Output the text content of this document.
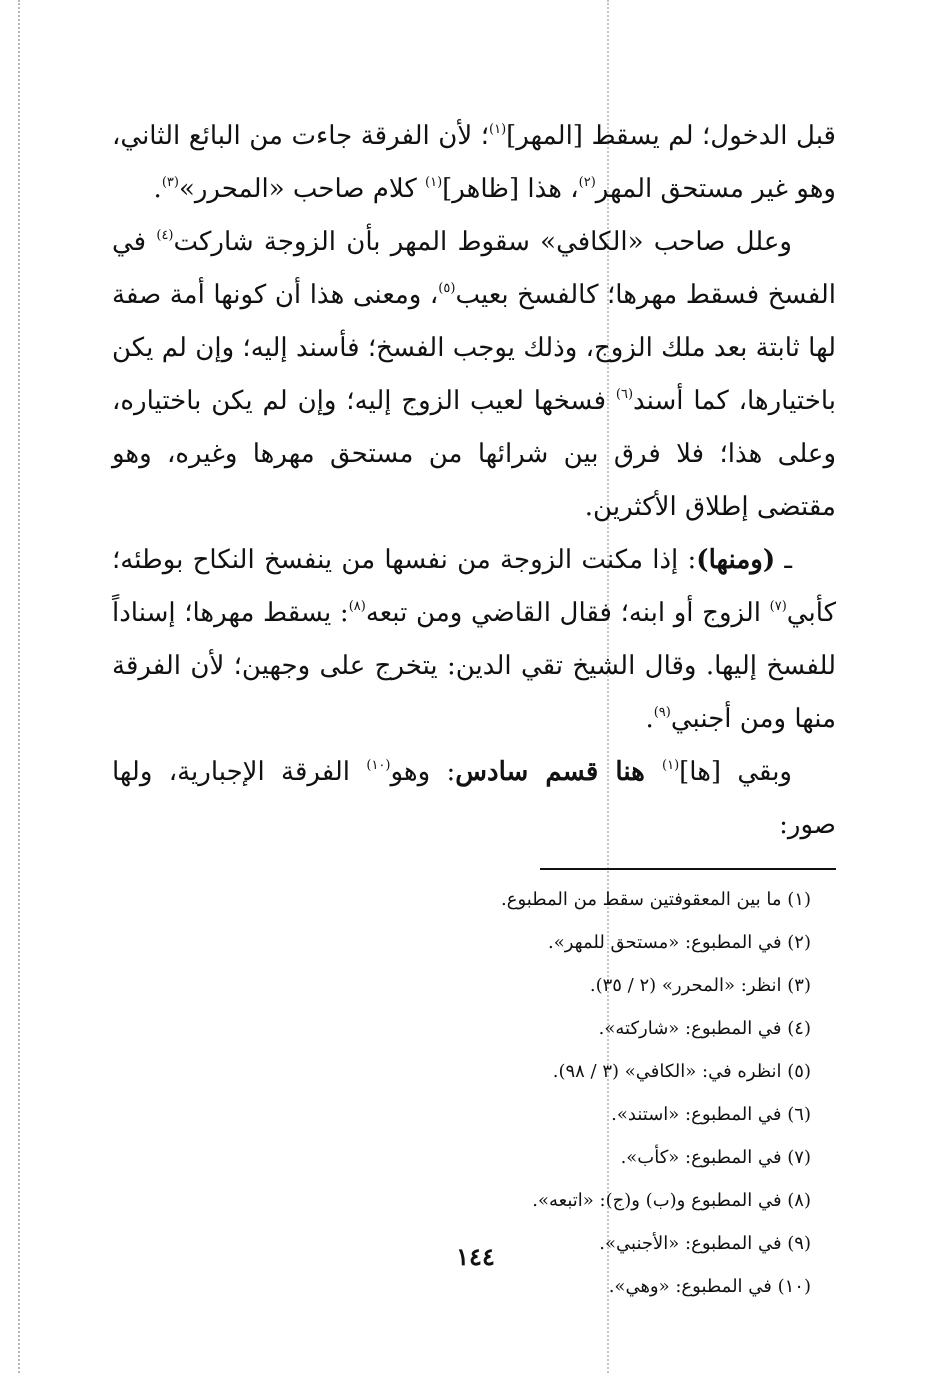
قبل الدخول؛ لم يسقط [المهر]$^{(١)}$؛ لأن الفرقة جاءت من البائع الثاني، وهو غير مستحق المهر$^{(٢)}$، هذا [ظاهر]$^{(١)}$ كلام صاحب «المحرر»$^{(٣)}$.

وعلل صاحب «الكافي» سقوط المهر بأن الزوجة شاركت$^{(٤)}$ في الفسخ فسقط مهرها؛ كالفسخ بعيب$^{(٥)}$، ومعنى هذا أن كونها أمة صفة لها ثابتة بعد ملك الزوج، وذلك يوجب الفسخ؛ فأسند إليه؛ وإن لم يكن باختيارها، كما أسند$^{(٦)}$ فسخها لعيب الزوج إليه؛ وإن لم يكن باختياره، وعلى هذا؛ فلا فرق بين شرائها من مستحق مهرها وغيره، وهو مقتضى إطلاق الأكثرين.

ـ (ومنها): إذا مكنت الزوجة من نفسها من ينفسخ النكاح بوطئه؛ كأبي$^{(٧)}$ الزوج أو ابنه؛ فقال القاضي ومن تبعه$^{(٨)}$: يسقط مهرها؛ إسناداً للفسخ إليها. وقال الشيخ تقي الدين: يتخرج على وجهين؛ لأن الفرقة منها ومن أجنبي$^{(٩)}$.

وبقي [ها]$^{(١)}$ هنا قسم سادس: وهو$^{(١٠)}$ الفرقة الإجبارية، ولها صور:

(١) ما بين المعقوفتين سقط من المطبوع.
(٢) في المطبوع: «مستحق للمهر».
(٣) انظر: «المحرر» (٢ / ٣٥).
(٤) في المطبوع: «شاركته».
(٥) انظره في: «الكافي» (٣ / ٩٨).
(٦) في المطبوع: «استند».
(٧) في المطبوع: «كأب».
(٨) في المطبوع و(ب) و(ج): «اتبعه».
(٩) في المطبوع: «الأجنبي».
(١٠) في المطبوع: «وهي».
١٤٤
